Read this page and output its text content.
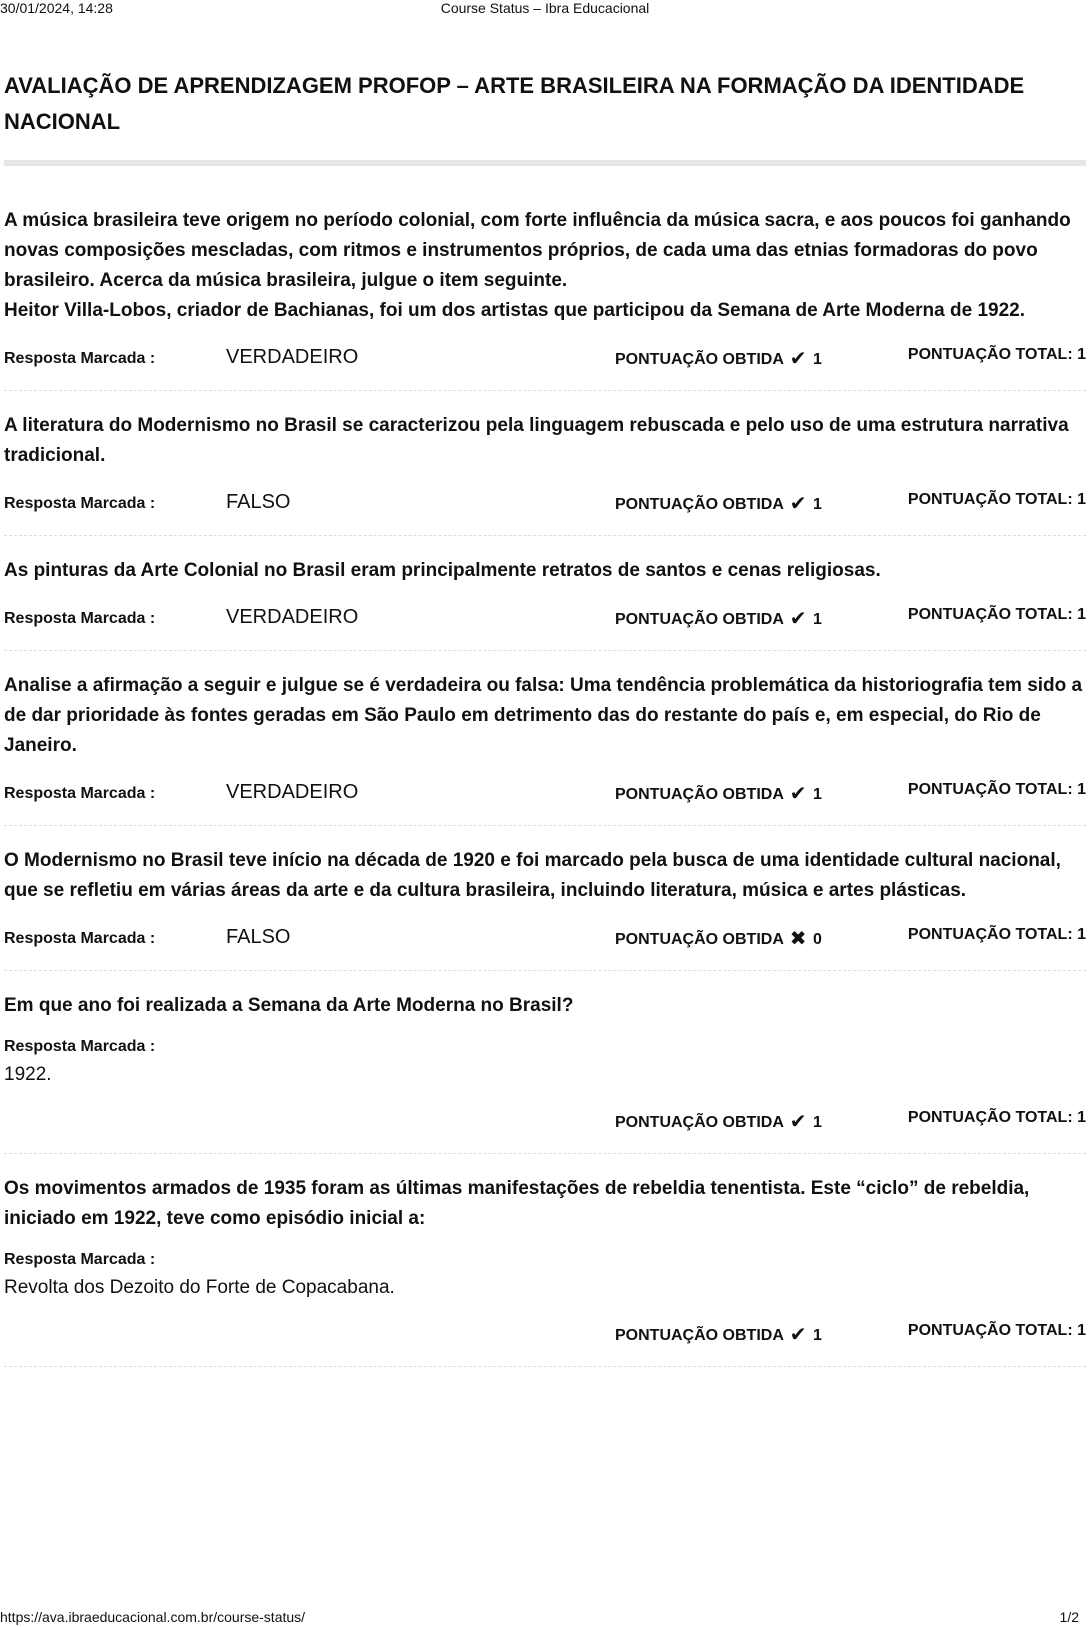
30/01/2024, 14:28	Course Status – Ibra Educacional
AVALIAÇÃO DE APRENDIZAGEM PROFOP – ARTE BRASILEIRA NA FORMAÇÃO DA IDENTIDADE NACIONAL

A música brasileira teve origem no período colonial, com forte influência da música sacra, e aos poucos foi ganhando novas composições mescladas, com ritmos e instrumentos próprios, de cada uma das etnias formadoras do povo brasileiro. Acerca da música brasileira, julgue o item seguinte.
Heitor Villa-Lobos, criador de Bachianas, foi um dos artistas que participou da Semana de Arte Moderna de 1922.

Resposta Marcada :	VERDADEIRO	PONTUAÇÃO OBTIDA ✔ 1	PONTUAÇÃO TOTAL: 1

A literatura do Modernismo no Brasil se caracterizou pela linguagem rebuscada e pelo uso de uma estrutura narrativa tradicional.

Resposta Marcada :	FALSO	PONTUAÇÃO OBTIDA ✔ 1	PONTUAÇÃO TOTAL: 1

As pinturas da Arte Colonial no Brasil eram principalmente retratos de santos e cenas religiosas.

Resposta Marcada :	VERDADEIRO	PONTUAÇÃO OBTIDA ✔ 1	PONTUAÇÃO TOTAL: 1

Analise a afirmação a seguir e julgue se é verdadeira ou falsa: Uma tendência problemática da historiografia tem sido a de dar prioridade às fontes geradas em São Paulo em detrimento das do restante do país e, em especial, do Rio de Janeiro.

Resposta Marcada :	VERDADEIRO	PONTUAÇÃO OBTIDA ✔ 1	PONTUAÇÃO TOTAL: 1

O Modernismo no Brasil teve início na década de 1920 e foi marcado pela busca de uma identidade cultural nacional, que se refletiu em várias áreas da arte e da cultura brasileira, incluindo literatura, música e artes plásticas.

Resposta Marcada :	FALSO	PONTUAÇÃO OBTIDA ✖ 0	PONTUAÇÃO TOTAL: 1

Em que ano foi realizada a Semana da Arte Moderna no Brasil?

Resposta Marcada :
1922.
PONTUAÇÃO OBTIDA ✔ 1	PONTUAÇÃO TOTAL: 1

Os movimentos armados de 1935 foram as últimas manifestações de rebeldia tenentista. Este “ciclo” de rebeldia, iniciado em 1922, teve como episódio inicial a:

Resposta Marcada :
Revolta dos Dezoito do Forte de Copacabana.
PONTUAÇÃO OBTIDA ✔ 1	PONTUAÇÃO TOTAL: 1
https://ava.ibraeducacional.com.br/course-status/	1/2
